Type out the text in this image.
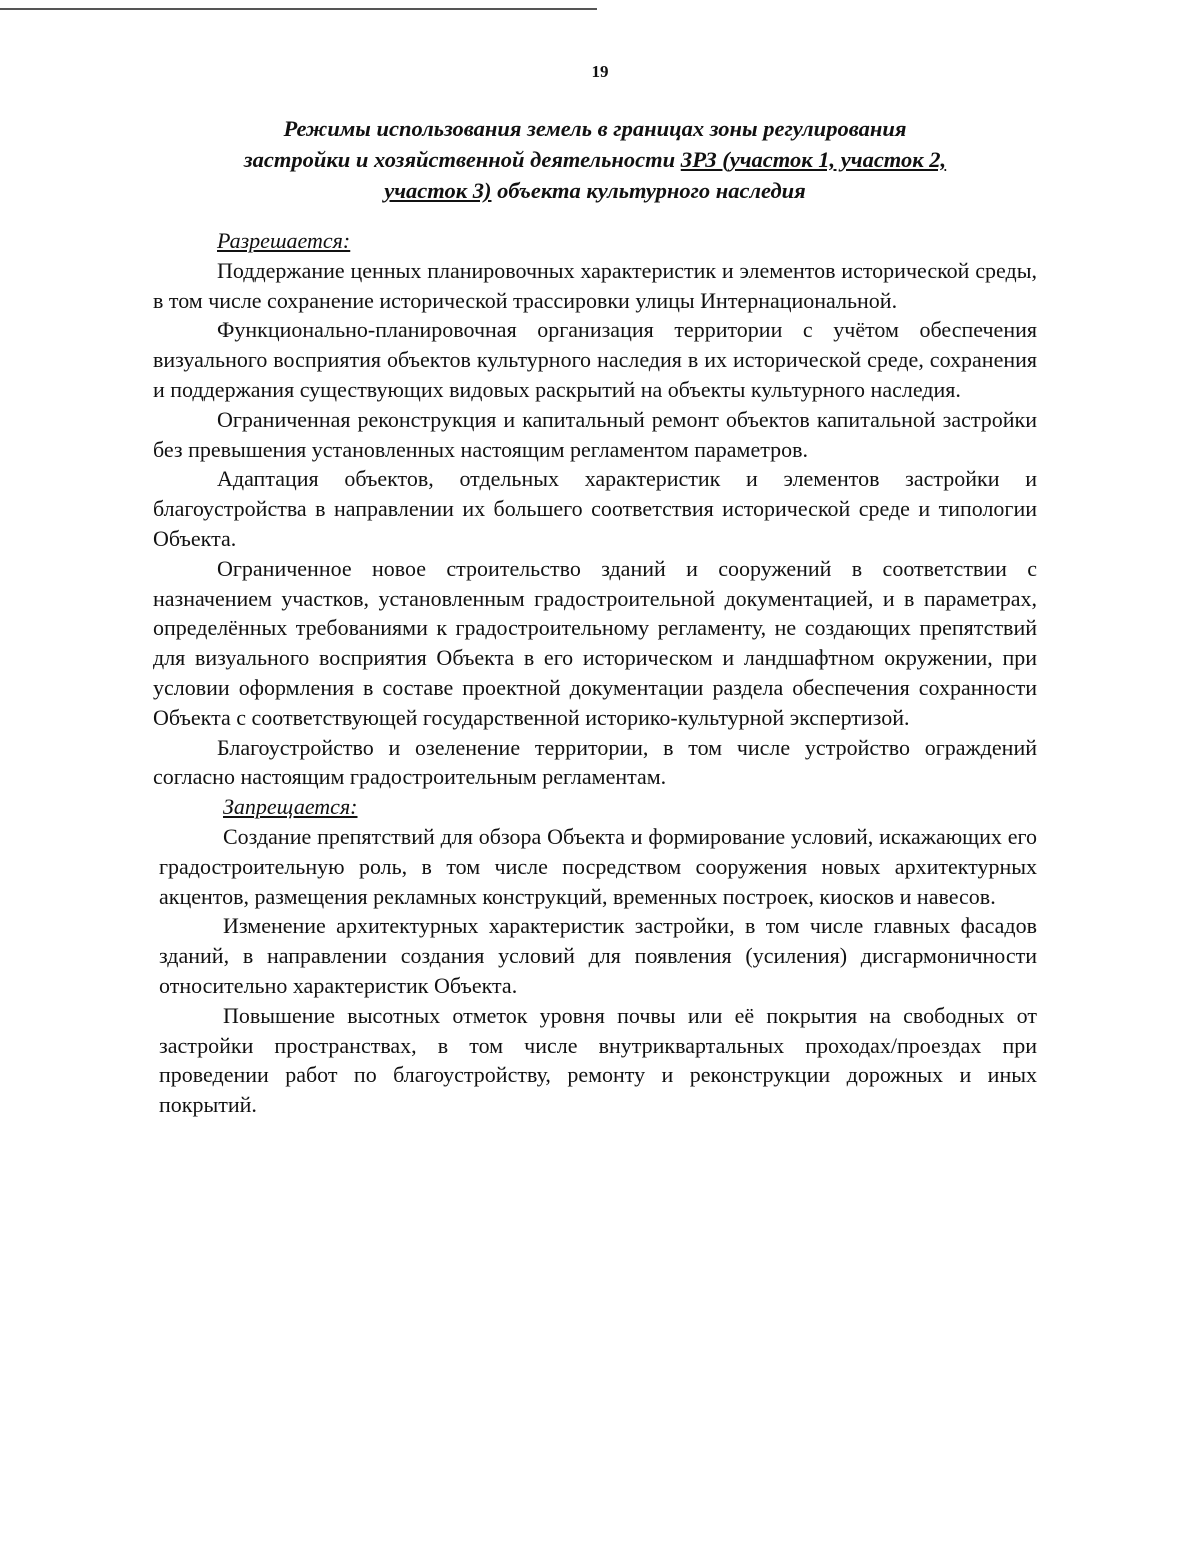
19
Режимы использования земель в границах зоны регулирования
застройки и хозяйственной деятельности ЗРЗ (участок 1, участок 2,
участок 3) объекта культурного наследия
Разрешается:

Поддержание ценных планировочных характеристик и элементов исторической среды, в том числе сохранение исторической трассировки улицы Интернациональной.

Функционально-планировочная организация территории с учётом обеспечения визуального восприятия объектов культурного наследия в их исторической среде, сохранения и поддержания существующих видовых раскрытий на объекты культурного наследия.

Ограниченная реконструкция и капитальный ремонт объектов капитальной застройки без превышения установленных настоящим регламентом параметров.

Адаптация объектов, отдельных характеристик и элементов застройки и благоустройства в направлении их большего соответствия исторической среде и типологии Объекта.

Ограниченное новое строительство зданий и сооружений в соответствии с назначением участков, установленным градостроительной документацией, и в параметрах, определённых требованиями к градостроительному регламенту, не создающих препятствий для визуального восприятия Объекта в его историческом и ландшафтном окружении, при условии оформления в составе проектной документации раздела обеспечения сохранности Объекта с соответствующей государственной историко-культурной экспертизой.

Благоустройство и озеленение территории, в том числе устройство ограждений согласно настоящим градостроительным регламентам.

Запрещается:

Создание препятствий для обзора Объекта и формирование условий, искажающих его градостроительную роль, в том числе посредством сооружения новых архитектурных акцентов, размещения рекламных конструкций, временных построек, киосков и навесов.

Изменение архитектурных характеристик застройки, в том числе главных фасадов зданий, в направлении создания условий для появления (усиления) дисгармоничности относительно характеристик Объекта.

Повышение высотных отметок уровня почвы или её покрытия на свободных от застройки пространствах, в том числе внутриквартальных проходах/проездах при проведении работ по благоустройству, ремонту и реконструкции дорожных и иных покрытий.
